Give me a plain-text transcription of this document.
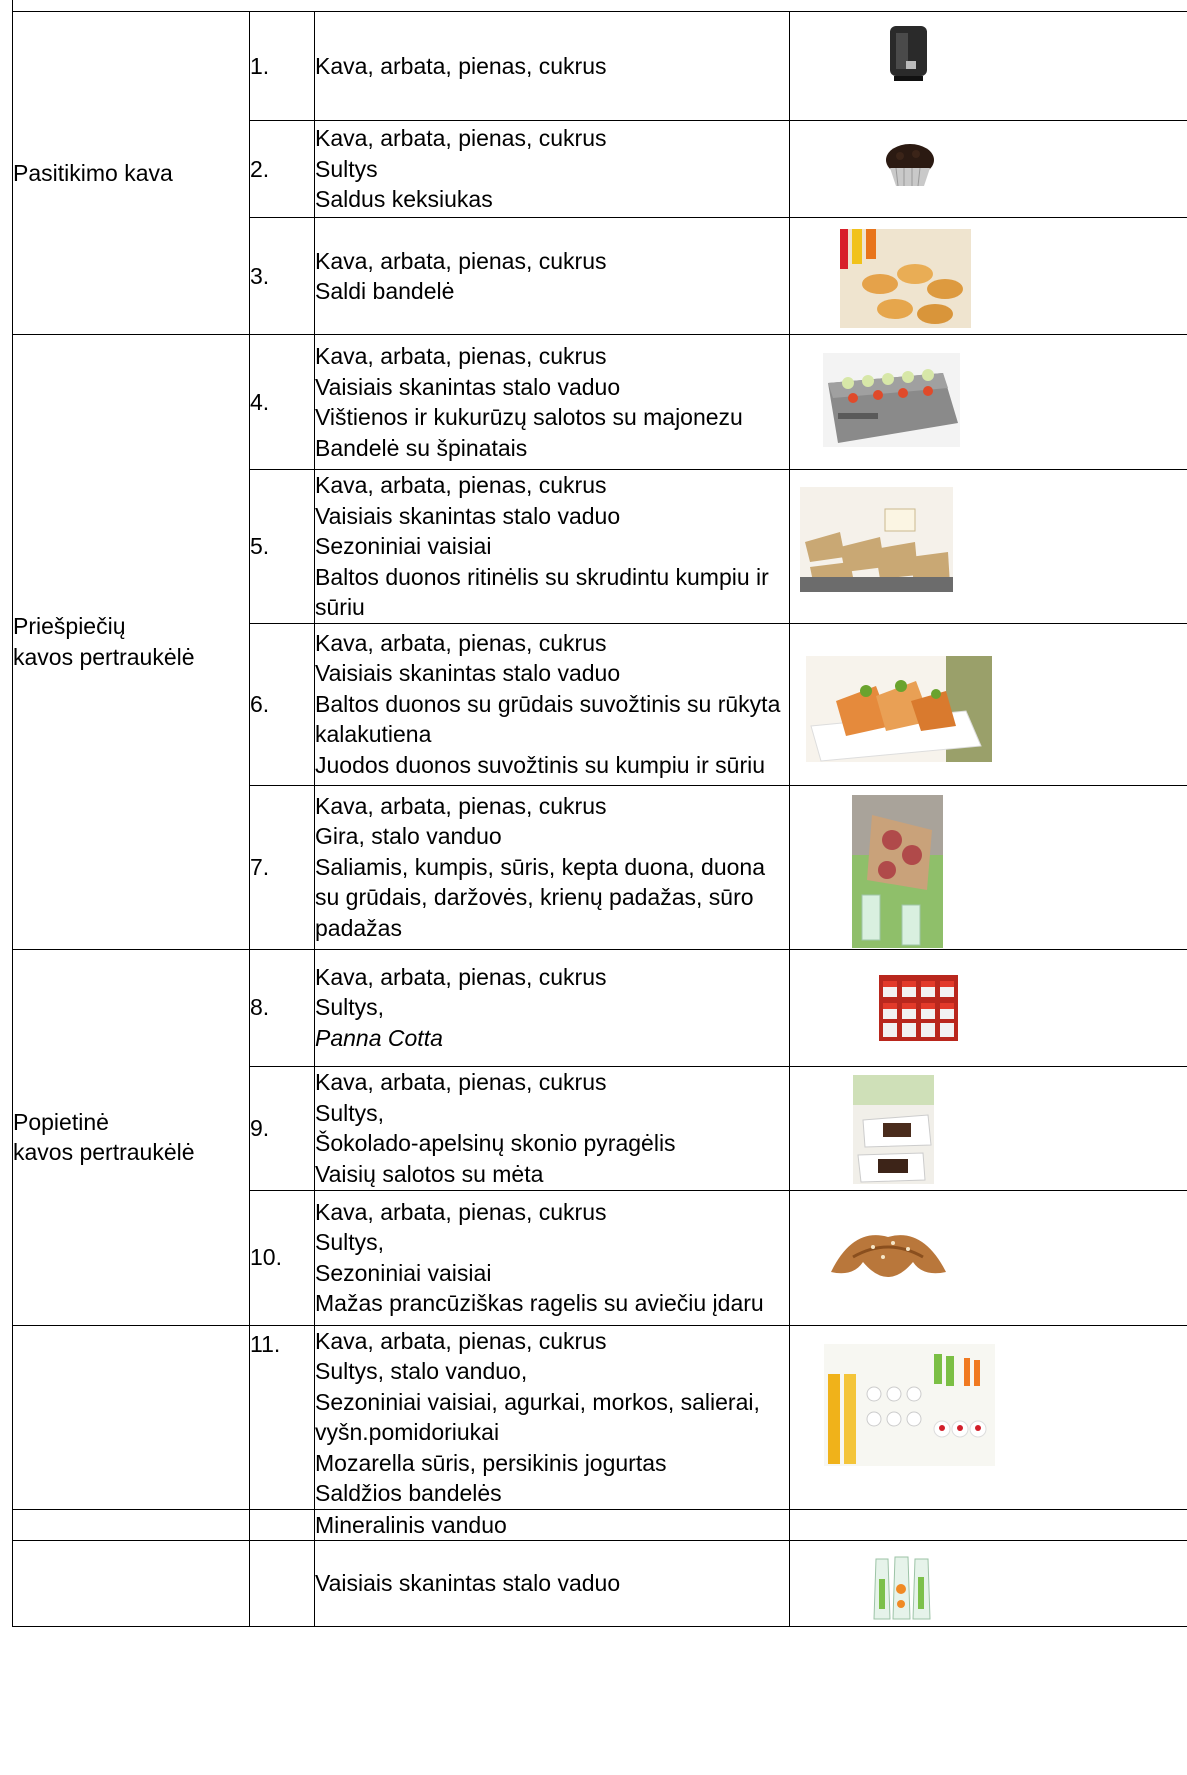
Pasitikimo kava	1.	Kava, arbata, pienas, cukrus

	2.	Kava, arbata, pienas, cukrus
Sultys
Saldus keksiukas

	3.	Kava, arbata, pienas, cukrus
Saldi bandelė

Priešpiečių
kavos pertraukėlė	4.	Kava, arbata, pienas, cukrus
Vaisiais skanintas stalo vaduo
Vištienos ir kukurūzų salotos su majonezu
Bandelė su špinatais

	5.	Kava, arbata, pienas, cukrus
Vaisiais skanintas stalo vaduo
Sezoniniai vaisiai
Baltos duonos ritinėlis su skrudintu kumpiu ir sūriu

	6.	Kava, arbata, pienas, cukrus
Vaisiais skanintas stalo vaduo
Baltos duonos su grūdais suvožtinis su rūkyta kalakutiena
Juodos duonos suvožtinis su kumpiu ir sūriu

	7.	Kava, arbata, pienas, cukrus
Gira, stalo vanduo
Saliamis, kumpis, sūris, kepta duona, duona su grūdais, daržovės, krienų padažas, sūro padažas

Popietinė
kavos pertraukėlė	8.	Kava, arbata, pienas, cukrus
Sultys,
Panna Cotta

	9.	Kava, arbata, pienas, cukrus
Sultys,
Šokolado-apelsinų skonio pyragėlis
Vaisių salotos su mėta

	10.	Kava, arbata, pienas, cukrus
Sultys,
Sezoniniai vaisiai
Mažas prancūziškas ragelis su aviečiu įdaru

	11.	Kava, arbata, pienas, cukrus
Sultys, stalo vanduo,
Sezoniniai vaisiai, agurkai, morkos, salierai, vyšn.pomidoriukai
Mozarella sūris, persikinis jogurtas
Saldžios bandelės

		Mineralinis vanduo	

		Vaisiais skanintas stalo vaduo
